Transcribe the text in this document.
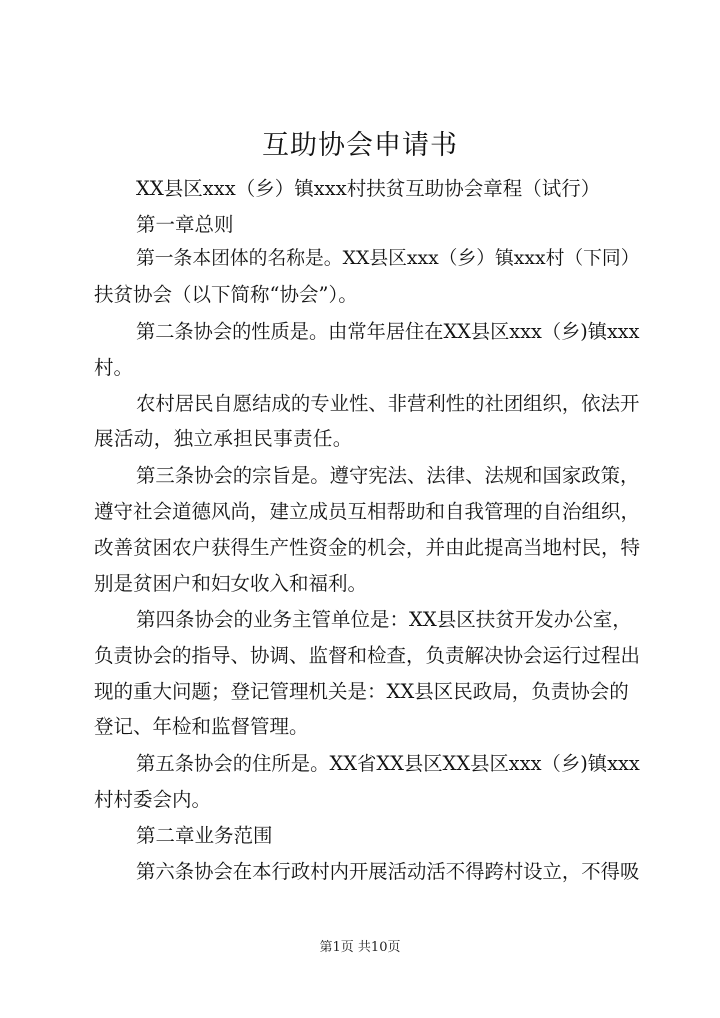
互助协会申请书
XX县区xxx（乡）镇xxx村扶贫互助协会章程（试行）
第一章总则
第一条本团体的名称是。XX县区xxx（乡）镇xxx村（下同）
扶贫协会（以下简称“协会”）。
第二条协会的性质是。由常年居住在XX县区xxx（乡)镇xxx
村。
农村居民自愿结成的专业性、非营利性的社团组织，依法开
展活动，独立承担民事责任。
第三条协会的宗旨是。遵守宪法、法律、法规和国家政策，
遵守社会道德风尚，建立成员互相帮助和自我管理的自治组织，
改善贫困农户获得生产性资金的机会，并由此提高当地村民，特
别是贫困户和妇女收入和福利。
第四条协会的业务主管单位是：XX县区扶贫开发办公室，
负责协会的指导、协调、监督和检查，负责解决协会运行过程出
现的重大问题；登记管理机关是：XX县区民政局，负责协会的
登记、年检和监督管理。
第五条协会的住所是。XX省XX县区XX县区xxx（乡)镇xxx
村村委会内。
第二章业务范围
第六条协会在本行政村内开展活动活不得跨村设立，不得吸
第1页 共10页
